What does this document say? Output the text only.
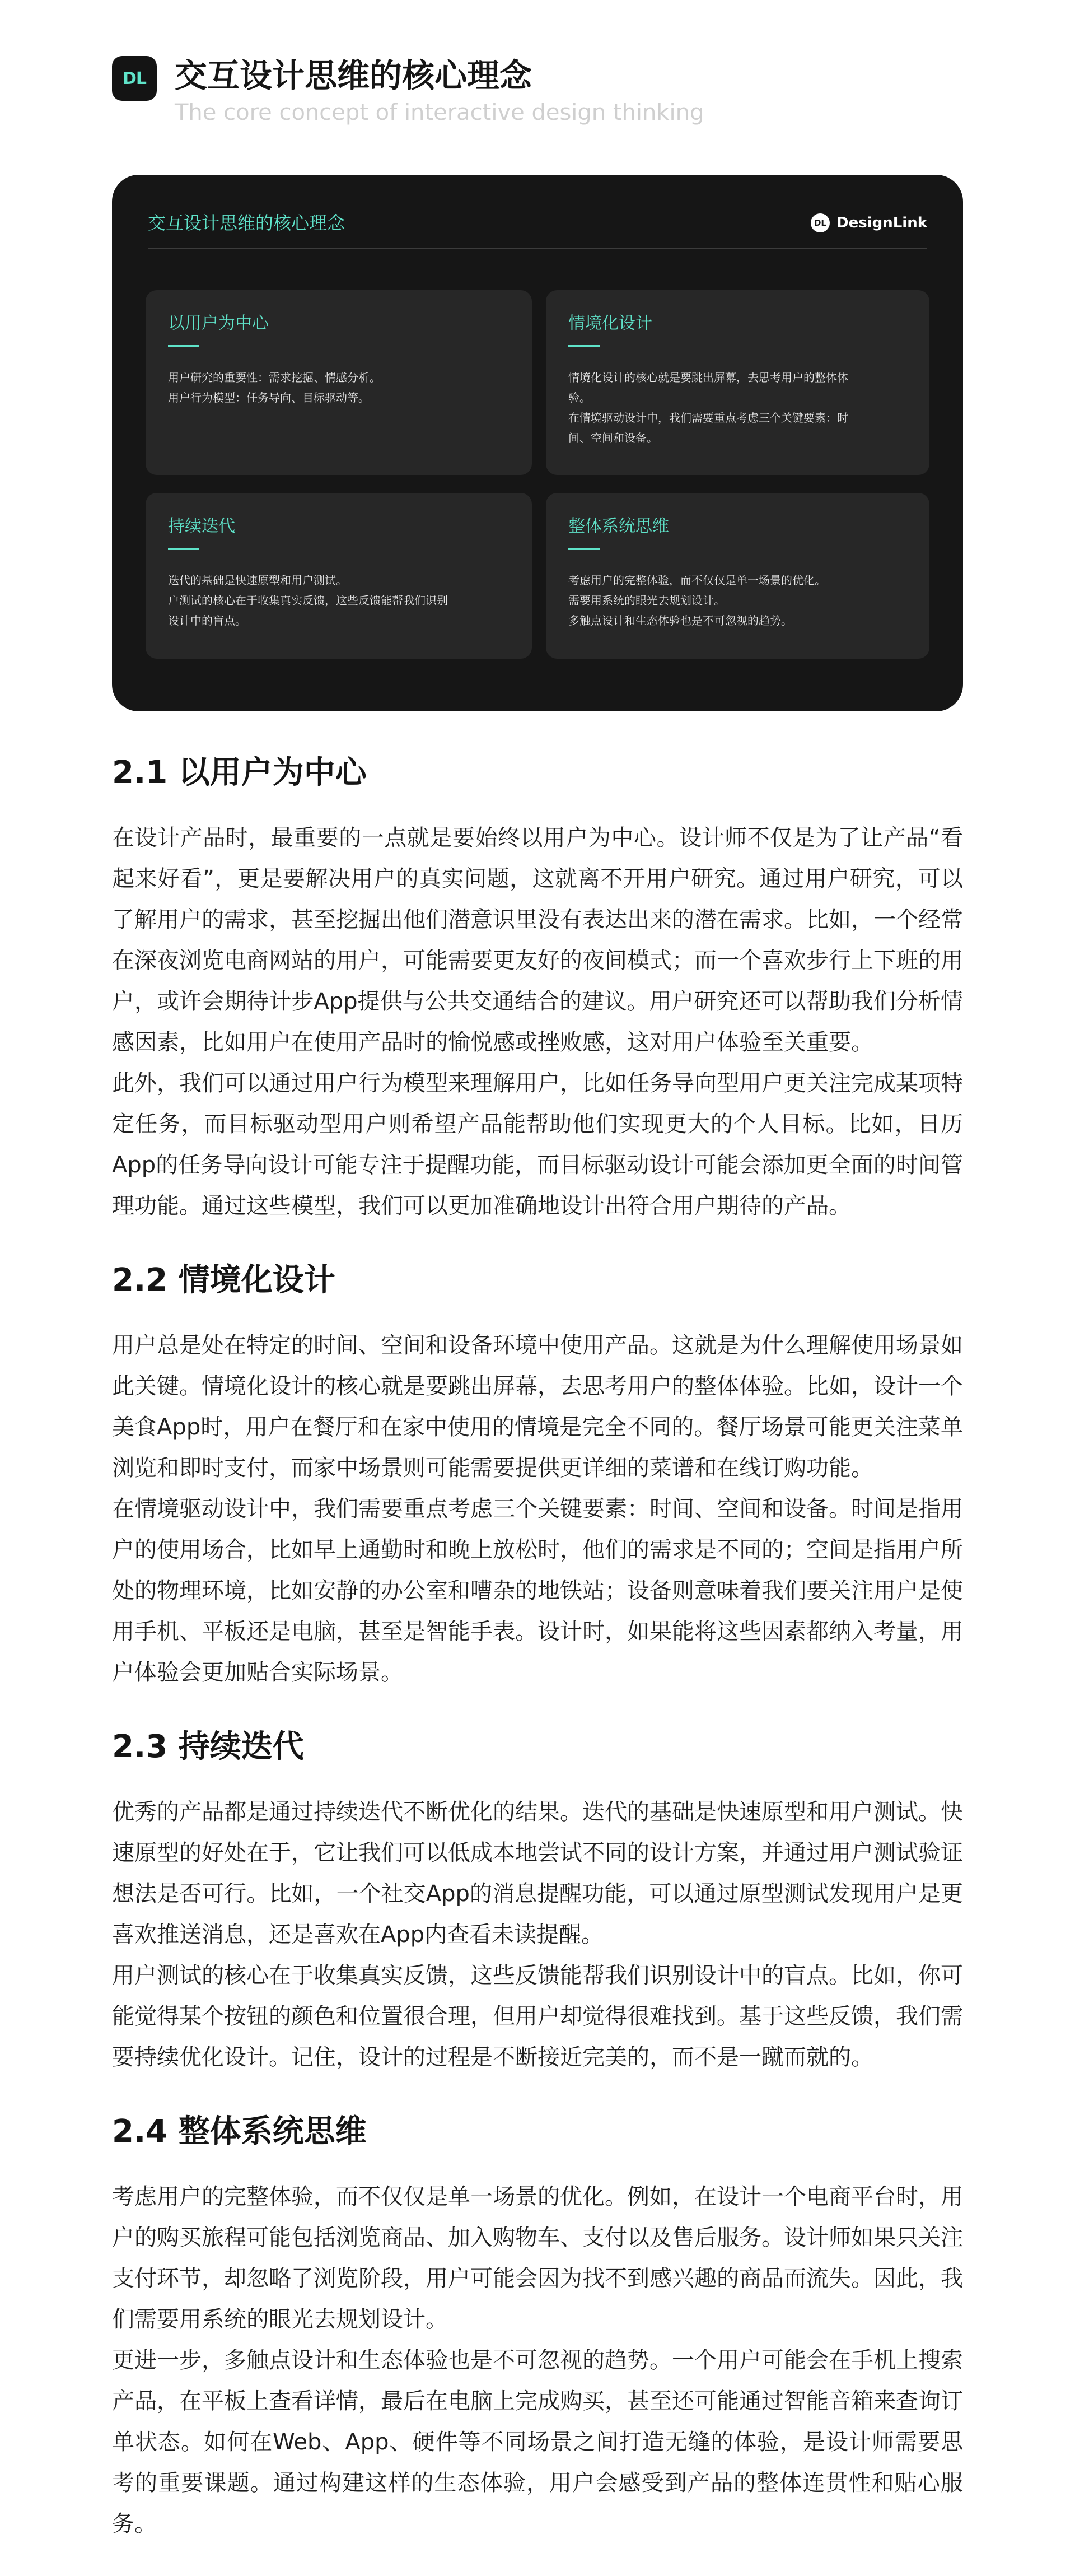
DL 交互设计思维的核心理念
The core concept of interactive design thinking
交互设计思维的核心理念	DL DesignLink
以用户为中心
用户研究的重要性：需求挖掘、情感分析。
用户行为模型：任务导向、目标驱动等。
情境化设计
情境化设计的核心就是要跳出屏幕，去思考用户的整体体
验。
在情境驱动设计中，我们需要重点考虑三个关键要素：时
间、空间和设备。
持续迭代
迭代的基础是快速原型和用户测试。
户测试的核心在于收集真实反馈，这些反馈能帮我们识别
设计中的盲点。
整体系统思维
考虑用户的完整体验，而不仅仅是单一场景的优化。
需要用系统的眼光去规划设计。
多触点设计和生态体验也是不可忽视的趋势。
2.1 以用户为中心

在设计产品时，最重要的一点就是要始终以用户为中心。设计师不仅是为了让产品“看起来好看”，更是要解决用户的真实问题，这就离不开用户研究。通过用户研究，可以了解用户的需求，甚至挖掘出他们潜意识里没有表达出来的潜在需求。比如，一个经常在深夜浏览电商网站的用户，可能需要更友好的夜间模式；而一个喜欢步行上下班的用户，或许会期待计步App提供与公共交通结合的建议。用户研究还可以帮助我们分析情感因素，比如用户在使用产品时的愉悦感或挫败感，这对用户体验至关重要。

此外，我们可以通过用户行为模型来理解用户，比如任务导向型用户更关注完成某项特定任务，而目标驱动型用户则希望产品能帮助他们实现更大的个人目标。比如，日历App的任务导向设计可能专注于提醒功能，而目标驱动设计可能会添加更全面的时间管理功能。通过这些模型，我们可以更加准确地设计出符合用户期待的产品。

2.2 情境化设计

用户总是处在特定的时间、空间和设备环境中使用产品。这就是为什么理解使用场景如此关键。情境化设计的核心就是要跳出屏幕，去思考用户的整体体验。比如，设计一个美食App时，用户在餐厅和在家中使用的情境是完全不同的。餐厅场景可能更关注菜单浏览和即时支付，而家中场景则可能需要提供更详细的菜谱和在线订购功能。

在情境驱动设计中，我们需要重点考虑三个关键要素：时间、空间和设备。时间是指用户的使用场合，比如早上通勤时和晚上放松时，他们的需求是不同的；空间是指用户所处的物理环境，比如安静的办公室和嘈杂的地铁站；设备则意味着我们要关注用户是使用手机、平板还是电脑，甚至是智能手表。设计时，如果能将这些因素都纳入考量，用户体验会更加贴合实际场景。

2.3 持续迭代

优秀的产品都是通过持续迭代不断优化的结果。迭代的基础是快速原型和用户测试。快速原型的好处在于，它让我们可以低成本地尝试不同的设计方案，并通过用户测试验证想法是否可行。比如，一个社交App的消息提醒功能，可以通过原型测试发现用户是更喜欢推送消息，还是喜欢在App内查看未读提醒。

用户测试的核心在于收集真实反馈，这些反馈能帮我们识别设计中的盲点。比如，你可能觉得某个按钮的颜色和位置很合理，但用户却觉得很难找到。基于这些反馈，我们需要持续优化设计。记住，设计的过程是不断接近完美的，而不是一蹴而就的。

2.4 整体系统思维

考虑用户的完整体验，而不仅仅是单一场景的优化。例如，在设计一个电商平台时，用户的购买旅程可能包括浏览商品、加入购物车、支付以及售后服务。设计师如果只关注支付环节，却忽略了浏览阶段，用户可能会因为找不到感兴趣的商品而流失。因此，我们需要用系统的眼光去规划设计。

更进一步，多触点设计和生态体验也是不可忽视的趋势。一个用户可能会在手机上搜索产品，在平板上查看详情，最后在电脑上完成购买，甚至还可能通过智能音箱来查询订单状态。如何在Web、App、硬件等不同场景之间打造无缝的体验，是设计师需要思考的重要课题。通过构建这样的生态体验，用户会感受到产品的整体连贯性和贴心服务。
